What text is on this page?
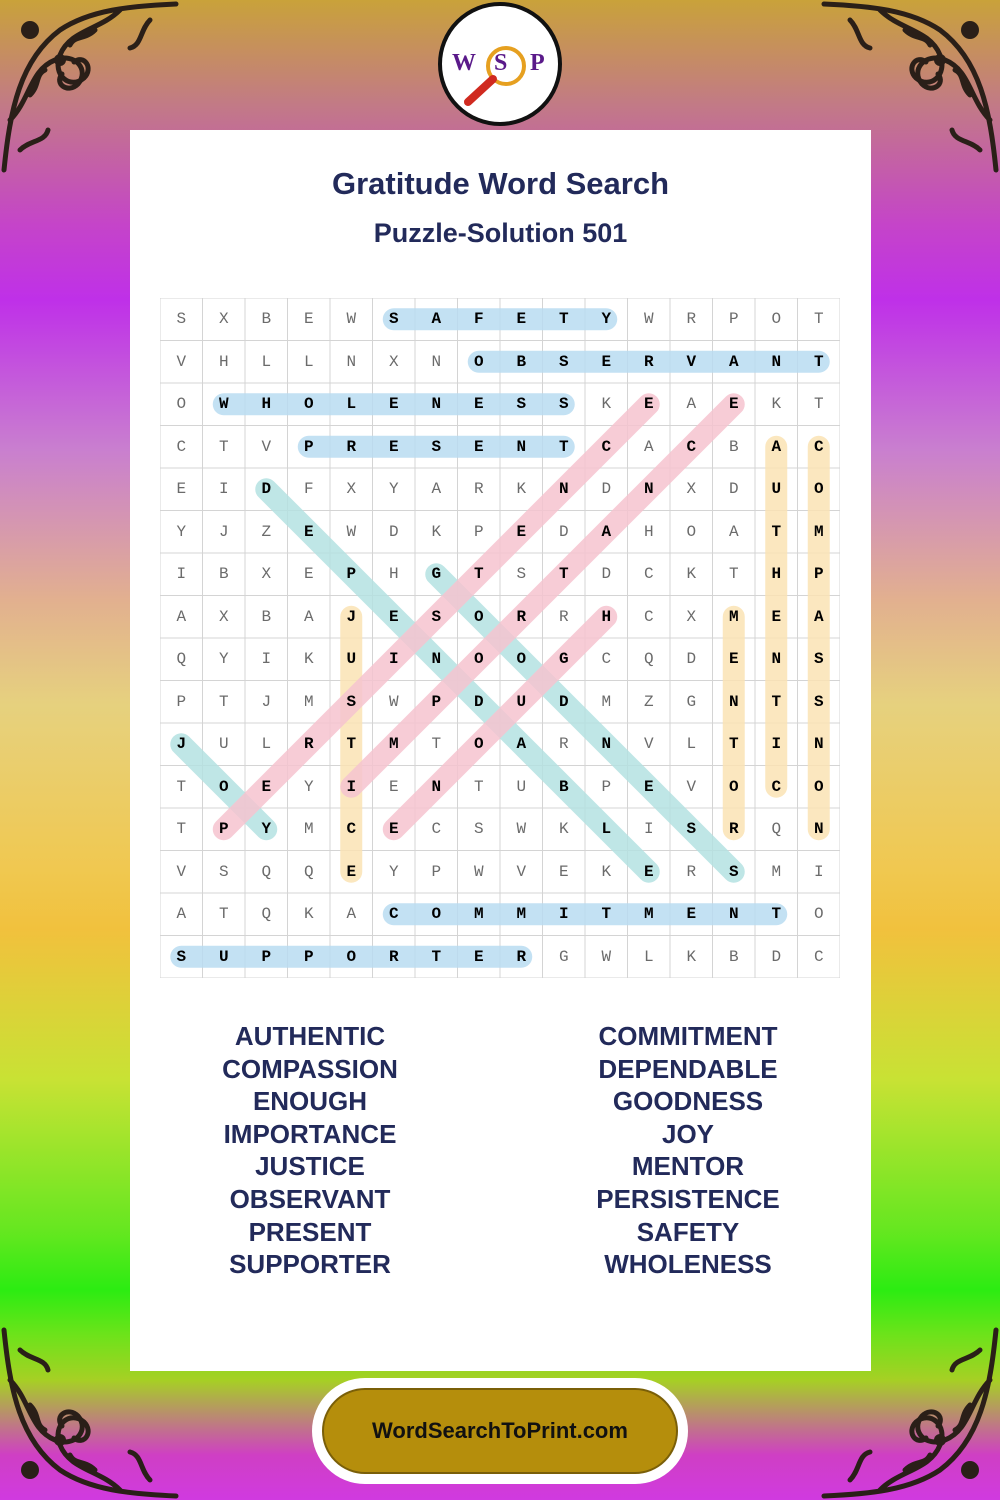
W S P
Gratitude Word Search
Puzzle-Solution 501
S	X	B	E	W	S	A	F	E	T	Y	W	R	P	O	T
V	H	L	L	N	X	N	O	B	S	E	R	V	A	N	T
O	W	H	O	L	E	N	E	S	S	K	E	A	E	K	T
C	T	V	P	R	E	S	E	N	T	C	A	C	B	A	C
E	I	D	F	X	Y	A	R	K	N	D	N	X	D	U	O
Y	J	Z	E	W	D	K	P	E	D	A	H	O	A	T	M
I	B	X	E	P	H	G	T	S	T	D	C	K	T	H	P
A	X	B	A	J	E	S	O	R	R	H	C	X	M	E	A
Q	Y	I	K	U	I	N	O	O	G	C	Q	D	E	N	S
P	T	J	M	S	W	P	D	U	D	M	Z	G	N	T	S
J	U	L	R	T	M	T	O	A	R	N	V	L	T	I	N
T	O	E	Y	I	E	N	T	U	B	P	E	V	O	C	O
T	P	Y	M	C	E	C	S	W	K	L	I	S	R	Q	N
V	S	Q	Q	E	Y	P	W	V	E	K	E	R	S	M	I
A	T	Q	K	A	C	O	M	M	I	T	M	E	N	T	O
S	U	P	P	O	R	T	E	R	G	W	L	K	B	D	C
AUTHENTIC
COMPASSION
ENOUGH
IMPORTANCE
JUSTICE
OBSERVANT
PRESENT
SUPPORTER
COMMITMENT
DEPENDABLE
GOODNESS
JOY
MENTOR
PERSISTENCE
SAFETY
WHOLENESS
WordSearchToPrint.com
